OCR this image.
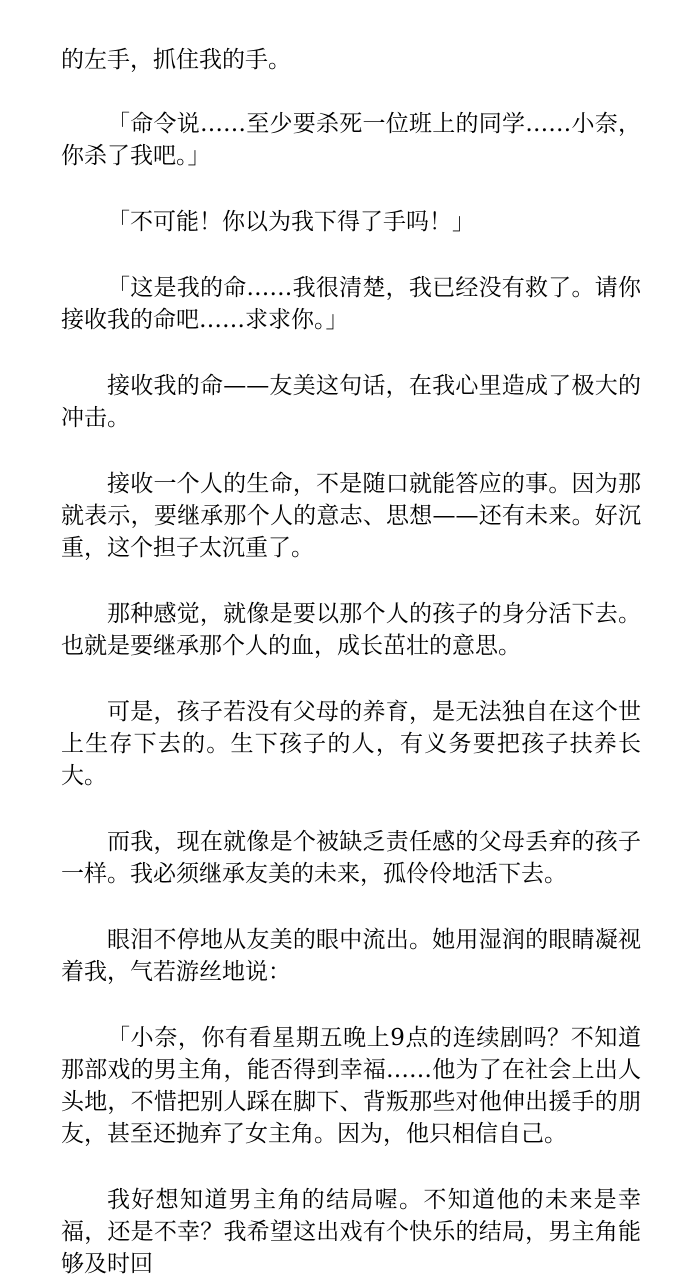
的左手，抓住我的手。

「命令说……至少要杀死一位班上的同学……小奈，你杀了我吧。」

「不可能！你以为我下得了手吗！」

「这是我的命……我很清楚，我已经没有救了。请你接收我的命吧……求求你。」

接收我的命——友美这句话，在我心里造成了极大的冲击。

接收一个人的生命，不是随口就能答应的事。因为那就表示，要继承那个人的意志、思想——还有未来。好沉重，这个担子太沉重了。

那种感觉，就像是要以那个人的孩子的身分活下去。也就是要继承那个人的血，成长茁壮的意思。

可是，孩子若没有父母的养育，是无法独自在这个世上生存下去的。生下孩子的人，有义务要把孩子扶养长大。

而我，现在就像是个被缺乏责任感的父母丢弃的孩子一样。我必须继承友美的未来，孤伶伶地活下去。

眼泪不停地从友美的眼中流出。她用湿润的眼睛凝视着我，气若游丝地说：

「小奈，你有看星期五晚上9点的连续剧吗？不知道那部戏的男主角，能否得到幸福……他为了在社会上出人头地，不惜把别人踩在脚下、背叛那些对他伸出援手的朋友，甚至还抛弃了女主角。因为，他只相信自己。

我好想知道男主角的结局喔。不知道他的未来是幸福，还是不幸？我希望这出戏有个快乐的结局，男主角能够及时回
